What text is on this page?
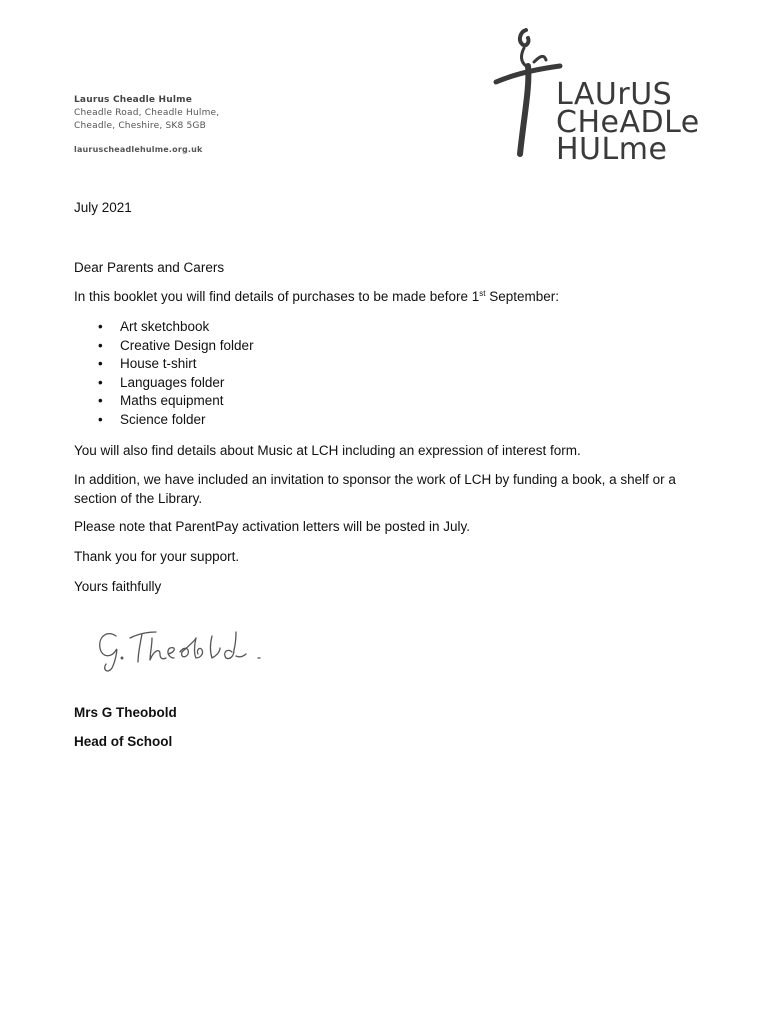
Laurus Cheadle Hulme
Cheadle Road, Cheadle Hulme,
Cheadle, Cheshire, SK8 5GB
lauruscheadlehulme.org.uk
LAUrUS
CHeADLe
HULme
July 2021
Dear Parents and Carers
In this booklet you will find details of purchases to be made before 1st September:
• Art sketchbook
• Creative Design folder
• House t-shirt
• Languages folder
• Maths equipment
• Science folder
You will also find details about Music at LCH including an expression of interest form.
In addition, we have included an invitation to sponsor the work of LCH by funding a book, a shelf or a section of the Library.
Please note that ParentPay activation letters will be posted in July.
Thank you for your support.
Yours faithfully
Mrs G Theobold
Head of School
